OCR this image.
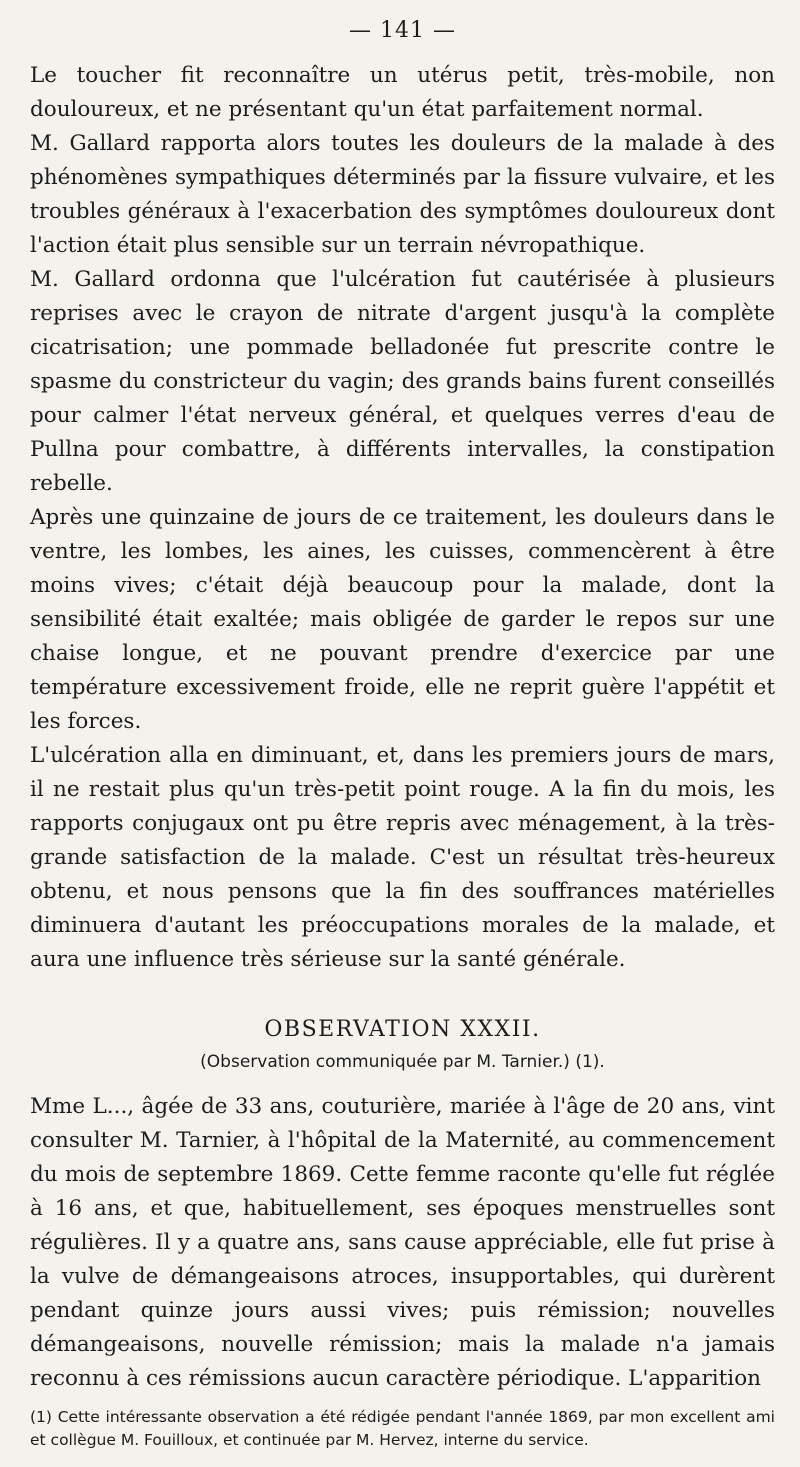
— 141 —

Le toucher fit reconnaître un utérus petit, très-mobile, non douloureux, et ne présentant qu'un état parfaitement normal.

M. Gallard rapporta alors toutes les douleurs de la malade à des phénomènes sympathiques déterminés par la fissure vulvaire, et les troubles généraux à l'exacerbation des symptômes douloureux dont l'action était plus sensible sur un terrain névropathique.

M. Gallard ordonna que l'ulcération fut cautérisée à plusieurs reprises avec le crayon de nitrate d'argent jusqu'à la complète cicatrisation; une pommade belladonée fut prescrite contre le spasme du constricteur du vagin; des grands bains furent conseillés pour calmer l'état nerveux général, et quelques verres d'eau de Pullna pour combattre, à différents intervalles, la constipation rebelle.

Après une quinzaine de jours de ce traitement, les douleurs dans le ventre, les lombes, les aines, les cuisses, commencèrent à être moins vives; c'était déjà beaucoup pour la malade, dont la sensibilité était exaltée; mais obligée de garder le repos sur une chaise longue, et ne pouvant prendre d'exercice par une température excessivement froide, elle ne reprit guère l'appétit et les forces.

L'ulcération alla en diminuant, et, dans les premiers jours de mars, il ne restait plus qu'un très-petit point rouge. A la fin du mois, les rapports conjugaux ont pu être repris avec ménagement, à la très-grande satisfaction de la malade. C'est un résultat très-heureux obtenu, et nous pensons que la fin des souffrances matérielles diminuera d'autant les préoccupations morales de la malade, et aura une influence très sérieuse sur la santé générale.

OBSERVATION XXXII.
(Observation communiquée par M. Tarnier.) (1).

Mme L..., âgée de 33 ans, couturière, mariée à l'âge de 20 ans, vint consulter M. Tarnier, à l'hôpital de la Maternité, au commencement du mois de septembre 1869. Cette femme raconte qu'elle fut réglée à 16 ans, et que, habituellement, ses époques menstruelles sont régulières. Il y a quatre ans, sans cause appréciable, elle fut prise à la vulve de démangeaisons atroces, insupportables, qui durèrent pendant quinze jours aussi vives; puis rémission; nouvelles démangeaisons, nouvelle rémission; mais la malade n'a jamais reconnu à ces rémissions aucun caractère périodique. L'apparition

(1) Cette intéressante observation a été rédigée pendant l'année 1869, par mon excellent ami et collègue M. Fouilloux, et continuée par M. Hervez, interne du service.
